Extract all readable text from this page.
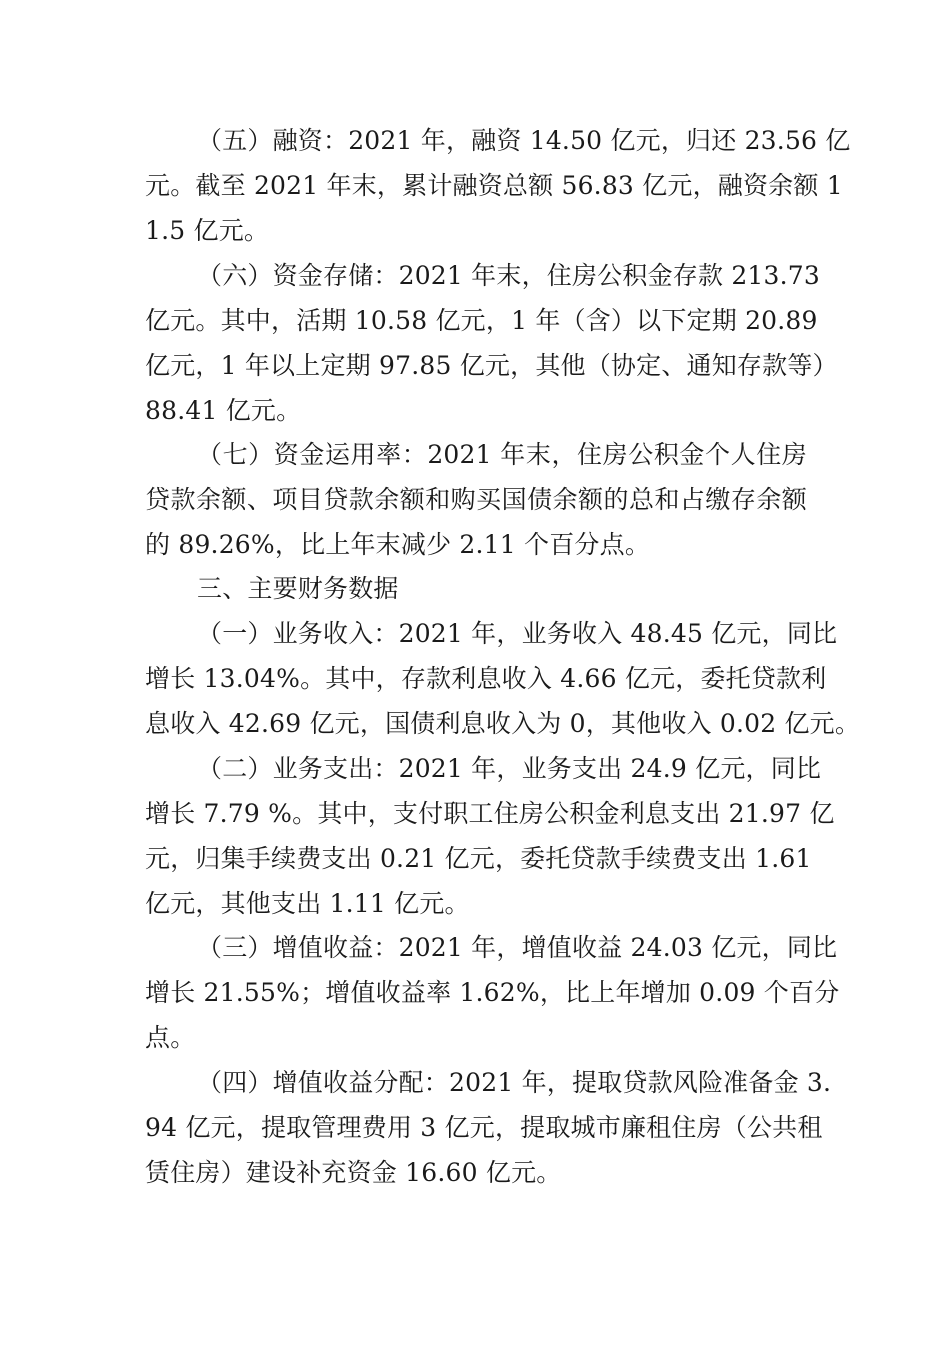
（五）融资：2021 年，融资 14.50 亿元，归还 23.56 亿
元。截至 2021 年末，累计融资总额 56.83 亿元，融资余额 1
1.5 亿元。
（六）资金存储：2021 年末，住房公积金存款 213.73
亿元。其中，活期 10.58 亿元，1 年（含）以下定期 20.89
亿元，1 年以上定期 97.85 亿元，其他（协定、通知存款等）
88.41 亿元。
（七）资金运用率：2021 年末，住房公积金个人住房
贷款余额、项目贷款余额和购买国债余额的总和占缴存余额
的 89.26%，比上年末减少 2.11 个百分点。
三、主要财务数据
（一）业务收入：2021 年，业务收入 48.45 亿元，同比
增长 13.04%。其中，存款利息收入 4.66 亿元，委托贷款利
息收入 42.69 亿元，国债利息收入为 0，其他收入 0.02 亿元。
（二）业务支出：2021 年，业务支出 24.9 亿元，同比
增长 7.79 %。其中，支付职工住房公积金利息支出 21.97 亿
元，归集手续费支出 0.21 亿元，委托贷款手续费支出 1.61
亿元，其他支出 1.11 亿元。
（三）增值收益：2021 年，增值收益 24.03 亿元，同比
增长 21.55%；增值收益率 1.62%，比上年增加 0.09 个百分
点。
（四）增值收益分配：2021 年，提取贷款风险准备金 3.
94 亿元，提取管理费用 3 亿元，提取城市廉租住房（公共租
赁住房）建设补充资金 16.60 亿元。
